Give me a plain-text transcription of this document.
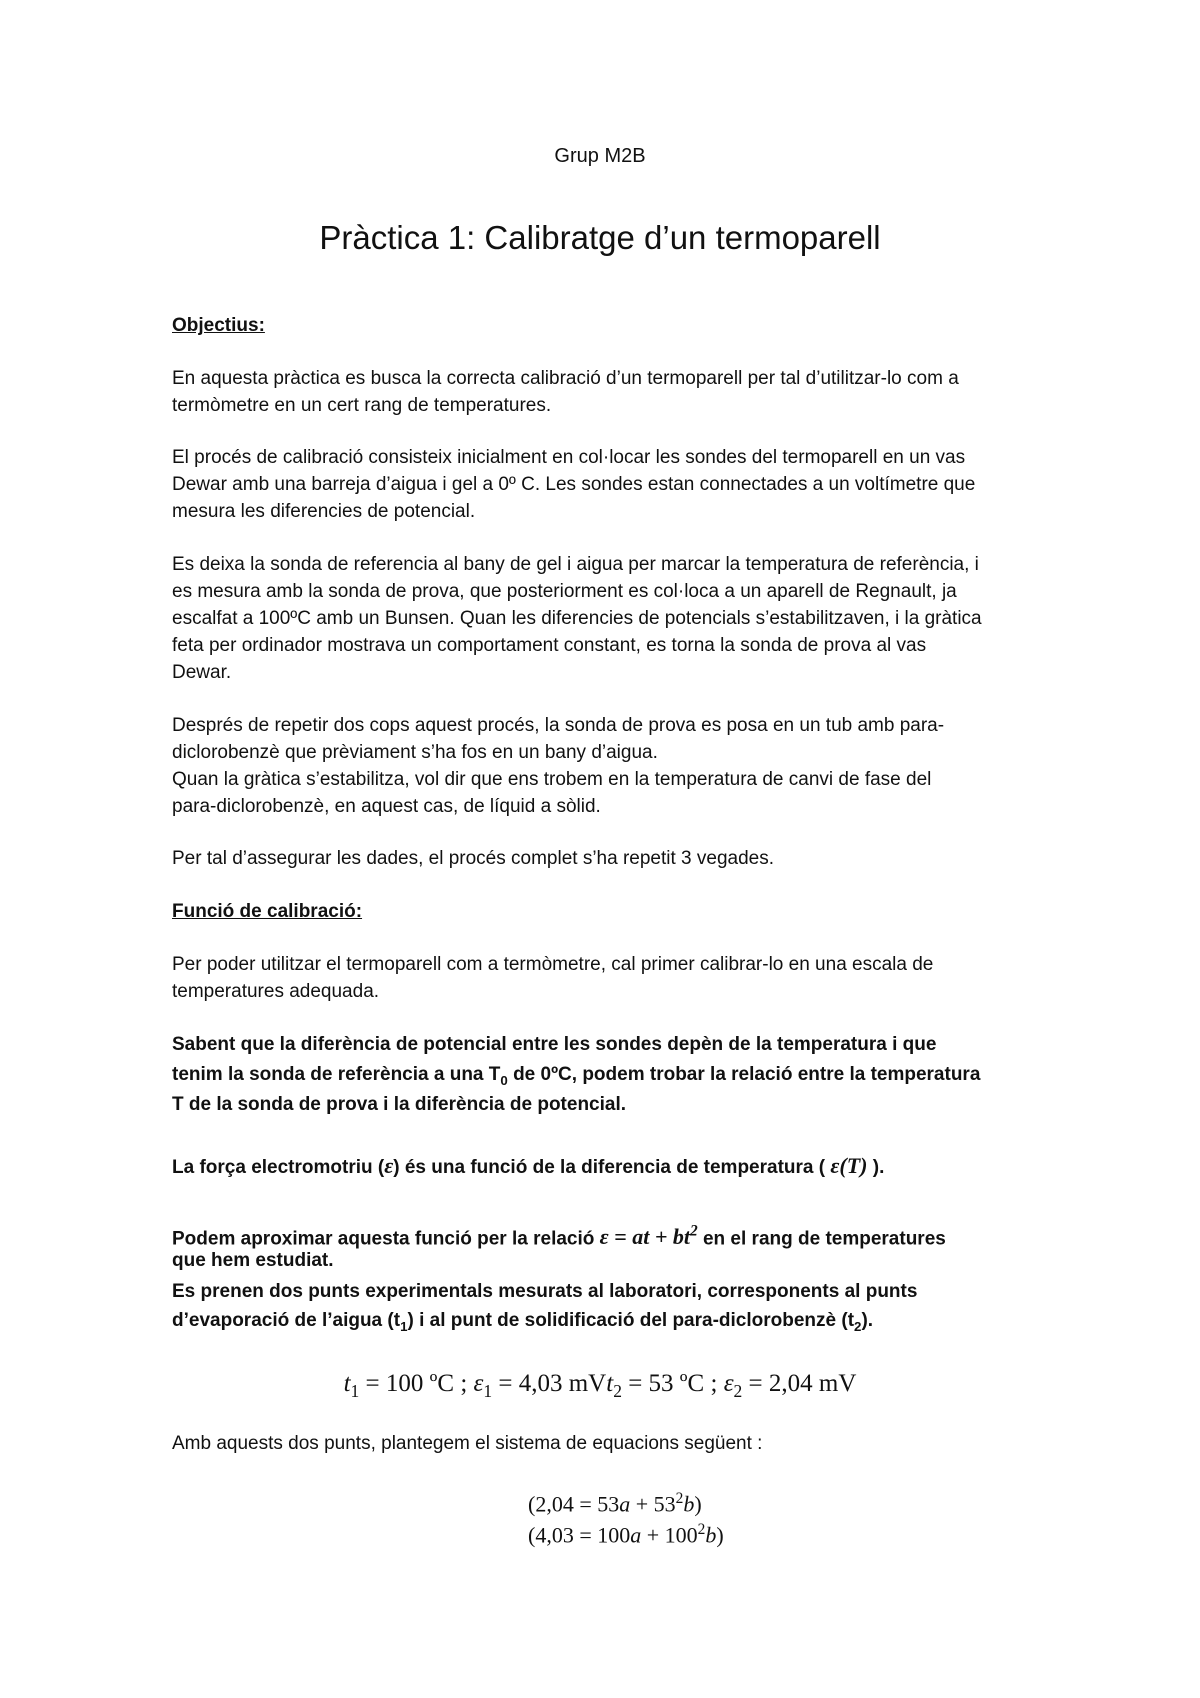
Grup M2B
Pràctica 1: Calibratge d’un termoparell
Objectius:
En aquesta pràctica es busca la correcta calibració d’un termoparell per tal d’utilitzar-lo com a
termòmetre en un cert rang de temperatures.
El procés de calibració consisteix inicialment en col·locar les sondes del termoparell en un vas
Dewar amb una barreja d’aigua i gel a 0º C. Les sondes estan connectades a un voltímetre que
mesura les diferencies de potencial.
Es deixa la sonda de referencia al bany de gel i aigua per marcar la temperatura de referència, i
es mesura amb la sonda de prova, que posteriorment es col·loca a un aparell de Regnault, ja
escalfat a 100ºC amb un Bunsen. Quan les diferencies de potencials s’estabilitzaven, i la gràtica
feta per ordinador mostrava un comportament constant, es torna la sonda de prova al vas
Dewar.
Després de repetir dos cops aquest procés, la sonda de prova es posa en un tub amb para-
diclorobenzè que prèviament s’ha fos en un bany d’aigua.
Quan la gràtica s’estabilitza, vol dir que ens trobem en la temperatura de canvi de fase del
para-diclorobenzè, en aquest cas, de líquid a sòlid.
Per tal d’assegurar les dades, el procés complet s’ha repetit 3 vegades.
Funció de calibració:
Per poder utilitzar el termoparell com a termòmetre, cal primer calibrar-lo en una escala de
temperatures adequada.
Sabent que la diferència de potencial entre les sondes depèn de la temperatura i que
tenim la sonda de referència a una $T_0$ de 0ºC, podem trobar la relació entre la temperatura
T de la sonda de prova i la diferència de potencial.
La força electromotriu (ε) és una funció de la diferencia de temperatura ( ε(T) ).
Podem aproximar aquesta funció per la relació ε = at + $bt^2$ en el rang de temperatures
que hem estudiat.
Es prenen dos punts experimentals mesurats al laboratori, corresponents al punts
d’evaporació de l’aigua $(t_1)$ i al punt de solidificació del para-diclorobenzè $(t_2)$.
$t_1 = 100$ ºC ; $\varepsilon_1 = 4,03$ mVt$_2$ = 53 ºC ; $\varepsilon_2 = 2,04$ mV
Amb aquests dos punts, plantegem el sistema de equacions següent :
$(2,04 = 53a + 53^2b)$
$(4,03 = 100a + 100^2b)$
